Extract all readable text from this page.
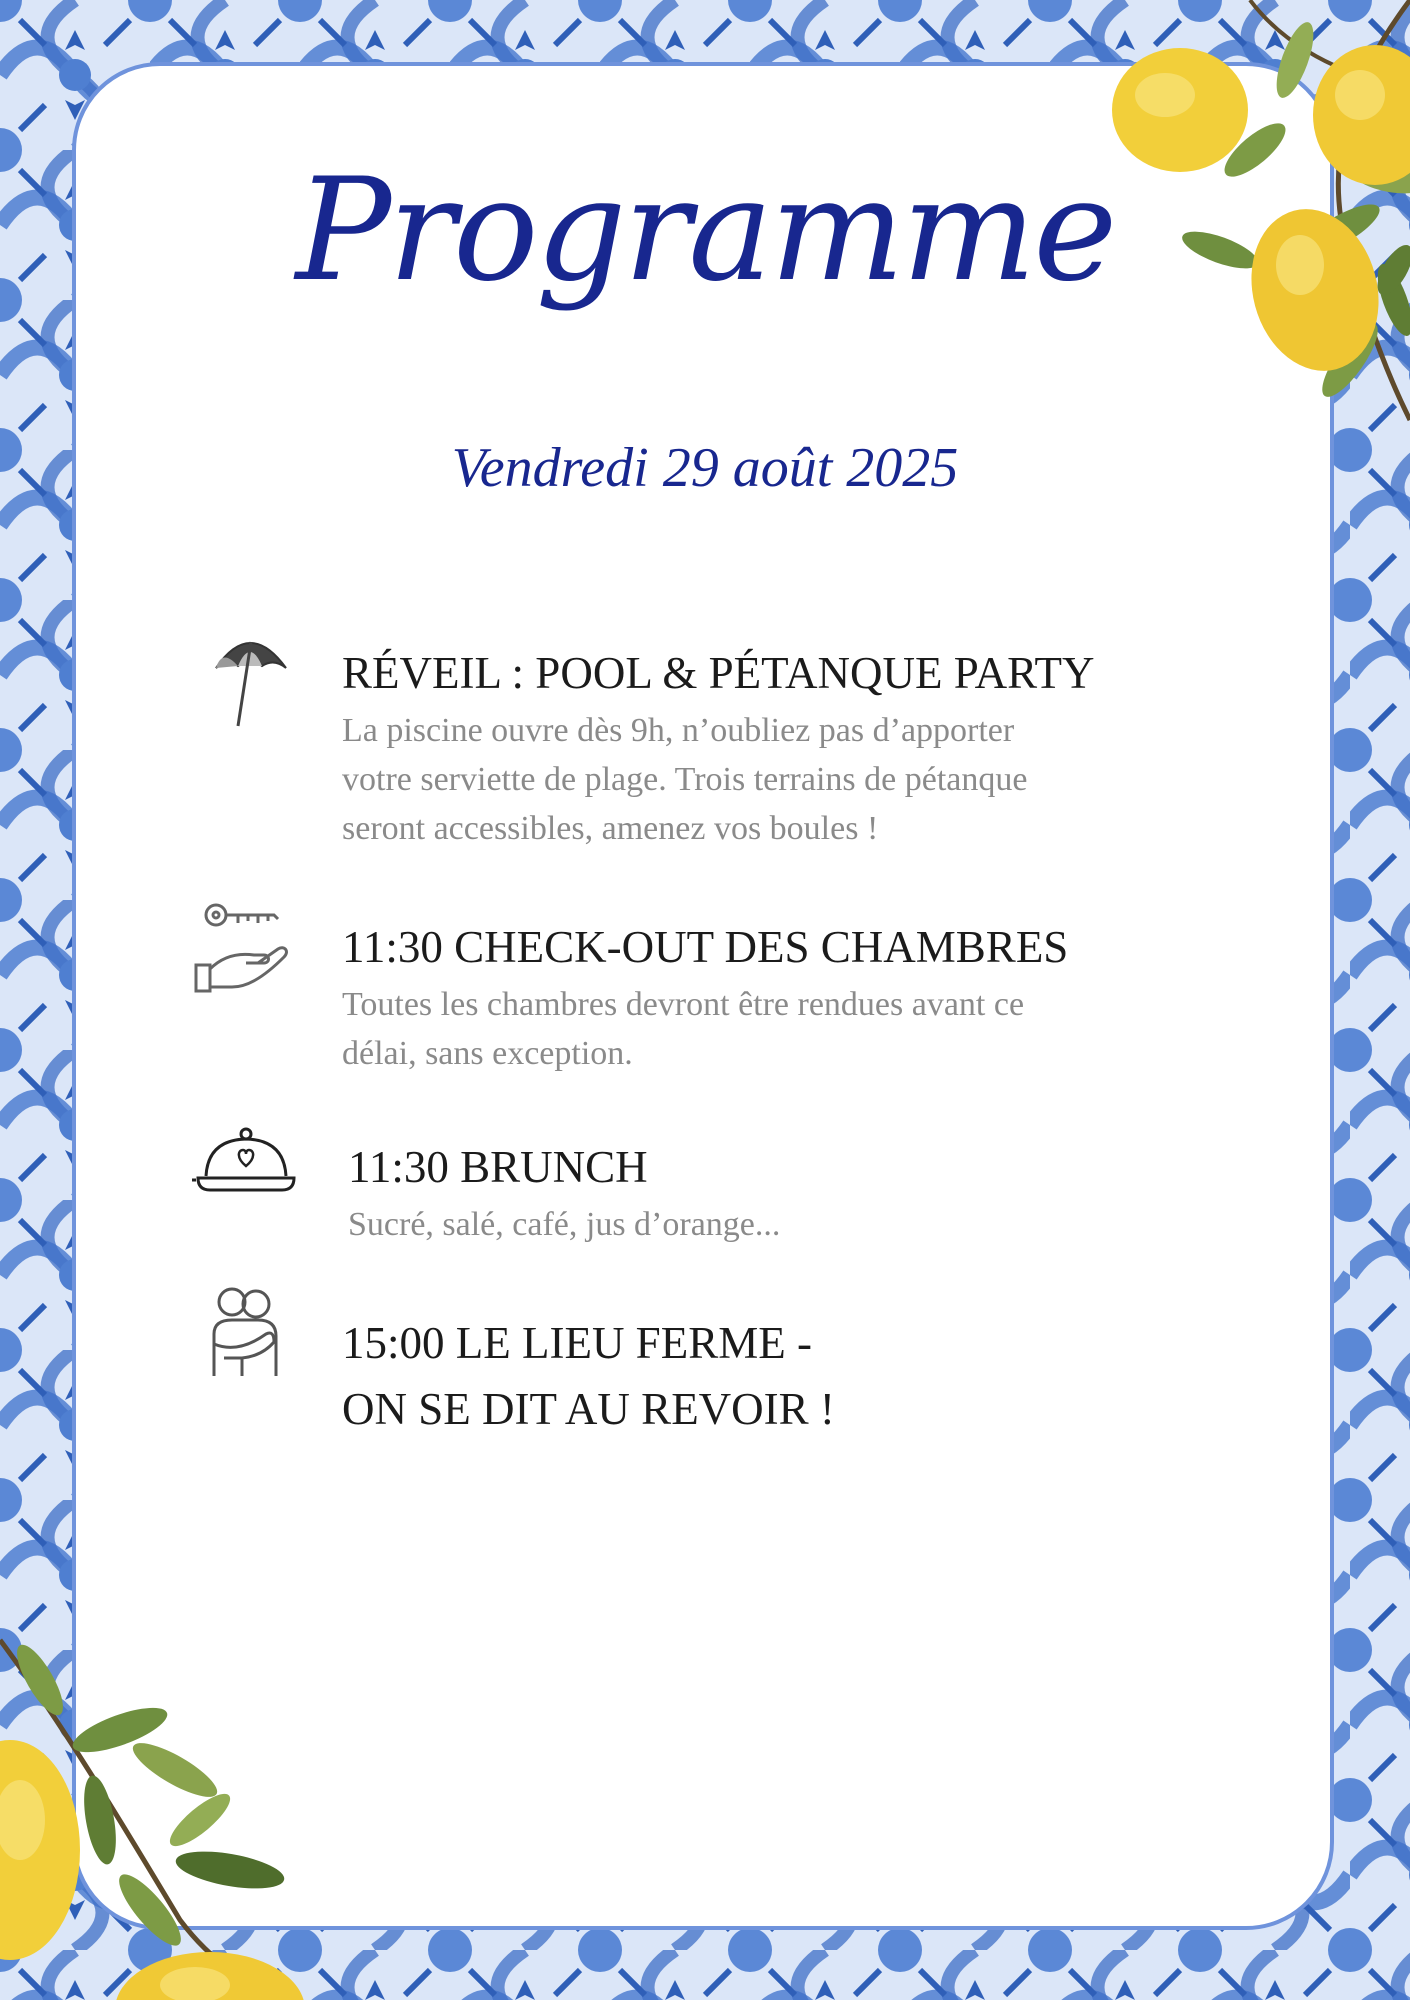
Programme
Vendredi 29 août 2025

RÉVEIL : POOL & PÉTANQUE PARTY

La piscine ouvre dès 9h, n’oubliez pas d’apporter

votre serviette de plage. Trois terrains de pétanque

seront accessibles, amenez vos boules !

11:30 CHECK-OUT DES CHAMBRES

Toutes les chambres devront être rendues avant ce

délai, sans exception.

11:30 BRUNCH

Sucré, salé, café, jus d’orange...

15:00 LE LIEU FERME -

ON SE DIT AU REVOIR !
